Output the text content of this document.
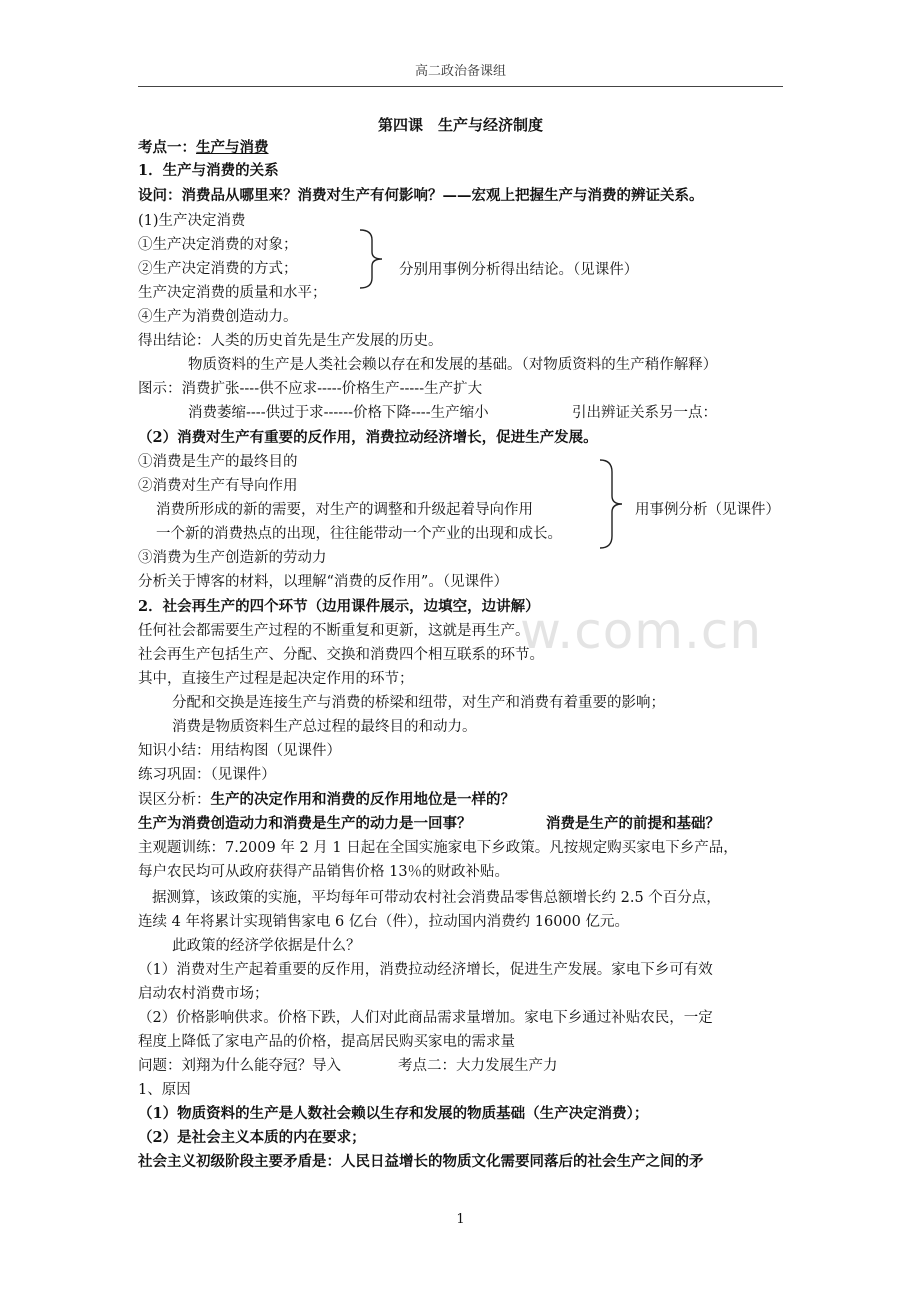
高二政治备课组
第四课　生产与经济制度
考点一：生产与消费
1．生产与消费的关系
设问：消费品从哪里来？消费对生产有何影响？——宏观上把握生产与消费的辨证关系。
(1)生产决定消费
①生产决定消费的对象；
②生产决定消费的方式；
生产决定消费的质量和水平；
④生产为消费创造动力。
分别用事例分析得出结论。（见课件）
得出结论：人类的历史首先是生产发展的历史。
物质资料的生产是人类社会赖以存在和发展的基础。（对物质资料的生产稍作解释）
图示：消费扩张----供不应求-----价格生产-----生产扩大
消费萎缩----供过于求------价格下降----生产缩小	引出辨证关系另一点：
（2）消费对生产有重要的反作用，消费拉动经济增长，促进生产发展。
①消费是生产的最终目的
②消费对生产有导向作用
消费所形成的新的需要，对生产的调整和升级起着导向作用
一个新的消费热点的出现，往往能带动一个产业的出现和成长。
③消费为生产创造新的劳动力
用事例分析（见课件）
分析关于博客的材料，以理解“消费的反作用”。（见课件）
2．社会再生产的四个环节（边用课件展示，边填空，边讲解）
任何社会都需要生产过程的不断重复和更新，这就是再生产。
社会再生产包括生产、分配、交换和消费四个相互联系的环节。
其中，直接生产过程是起决定作用的环节；
分配和交换是连接生产与消费的桥梁和纽带，对生产和消费有着重要的影响；
消费是物质资料生产总过程的最终目的和动力。
知识小结：用结构图（见课件）
练习巩固：（见课件）
误区分析：生产的决定作用和消费的反作用地位是一样的？
生产为消费创造动力和消费是生产的动力是一回事？	消费是生产的前提和基础？
主观题训练：7.2009 年 2 月 1 日起在全国实施家电下乡政策。凡按规定购买家电下乡产品，
每户农民均可从政府获得产品销售价格 13％的财政补贴。
据测算，该政策的实施，平均每年可带动农村社会消费品零售总额增长约 2.5 个百分点，
连续 4 年将累计实现销售家电 6 亿台（件），拉动国内消费约 16000 亿元。
此政策的经济学依据是什么？
（1）消费对生产起着重要的反作用，消费拉动经济增长，促进生产发展。家电下乡可有效
启动农村消费市场；
（2）价格影响供求。价格下跌，人们对此商品需求量增加。家电下乡通过补贴农民，一定
程度上降低了家电产品的价格，提高居民购买家电的需求量
问题：刘翔为什么能夺冠？导入	考点二：大力发展生产力
1、原因
（1）物质资料的生产是人数社会赖以生存和发展的物质基础（生产决定消费）；
（2）是社会主义本质的内在要求；
社会主义初级阶段主要矛盾是：人民日益增长的物质文化需要同落后的社会生产之间的矛
w.com.cn
1
